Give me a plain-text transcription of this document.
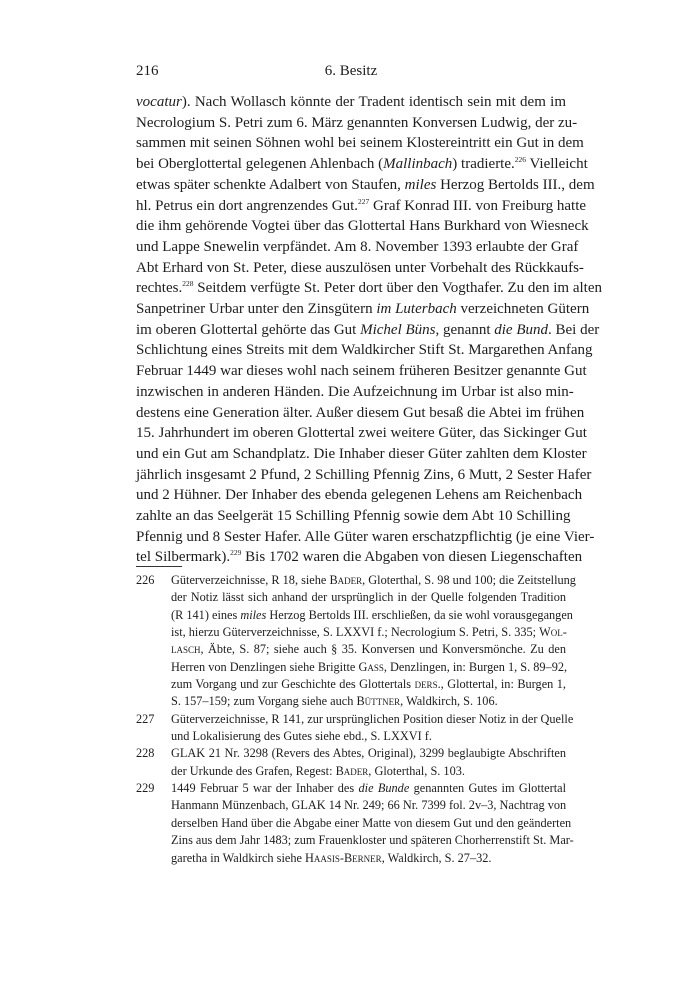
216	6. Besitz

vocatur). Nach Wollasch könnte der Tradent identisch sein mit dem im
Necrologium S. Petri zum 6. März genannten Konversen Ludwig, der zu-
sammen mit seinen Söhnen wohl bei seinem Klostereintritt ein Gut in dem
bei Oberglottertal gelegenen Ahlenbach (Mallinbach) tradierte.$^{226}$ Vielleicht
etwas später schenkte Adalbert von Staufen, miles Herzog Bertolds III., dem
hl. Petrus ein dort angrenzendes Gut.$^{227}$ Graf Konrad III. von Freiburg hatte
die ihm gehörende Vogtei über das Glottertal Hans Burkhard von Wiesneck
und Lappe Snewelin verpfändet. Am 8. November 1393 erlaubte der Graf
Abt Erhard von St. Peter, diese auszulösen unter Vorbehalt des Rückkaufs-
rechtes.$^{228}$ Seitdem verfügte St. Peter dort über den Vogthafer. Zu den im alten
Sanpetriner Urbar unter den Zinsgütern im Luterbach verzeichneten Gütern
im oberen Glottertal gehörte das Gut Michel Büns, genannt die Bund. Bei der
Schlichtung eines Streits mit dem Waldkircher Stift St. Margarethen Anfang
Februar 1449 war dieses wohl nach seinem früheren Besitzer genannte Gut
inzwischen in anderen Händen. Die Aufzeichnung im Urbar ist also min-
destens eine Generation älter. Außer diesem Gut besaß die Abtei im frühen
15. Jahrhundert im oberen Glottertal zwei weitere Güter, das Sickinger Gut
und ein Gut am Schandplatz. Die Inhaber dieser Güter zahlten dem Kloster
jährlich insgesamt 2 Pfund, 2 Schilling Pfennig Zins, 6 Mutt, 2 Sester Hafer
und 2 Hühner. Der Inhaber des ebenda gelegenen Lehens am Reichenbach
zahlte an das Seelgerät 15 Schilling Pfennig sowie dem Abt 10 Schilling
Pfennig und 8 Sester Hafer. Alle Güter waren erschatzpflichtig (je eine Vier-
tel Silbermark).$^{229}$ Bis 1702 waren die Abgaben von diesen Liegenschaften

226 Güterverzeichnisse, R 18, siehe Bader, Gloterthal, S. 98 und 100; die Zeitstellung
der Notiz lässt sich anhand der ursprünglich in der Quelle folgenden Tradition
(R 141) eines miles Herzog Bertolds III. erschließen, da sie wohl vorausgegangen
ist, hierzu Güterverzeichnisse, S. LXXVI f.; Necrologium S. Petri, S. 335; Wol-
lasch, Äbte, S. 87; siehe auch § 35. Konversen und Konversmönche. Zu den
Herren von Denzlingen siehe Brigitte Gass, Denzlingen, in: Burgen 1, S. 89–92,
zum Vorgang und zur Geschichte des Glottertals ders., Glottertal, in: Burgen 1,
S. 157–159; zum Vorgang siehe auch Büttner, Waldkirch, S. 106.
227 Güterverzeichnisse, R 141, zur ursprünglichen Position dieser Notiz in der Quelle
und Lokalisierung des Gutes siehe ebd., S. LXXVI f.
228 GLAK 21 Nr. 3298 (Revers des Abtes, Original), 3299 beglaubigte Abschriften
der Urkunde des Grafen, Regest: Bader, Gloterthal, S. 103.
229 1449 Februar 5 war der Inhaber des die Bunde genannten Gutes im Glottertal
Hanmann Münzenbach, GLAK 14 Nr. 249; 66 Nr. 7399 fol. 2v–3, Nachtrag von
derselben Hand über die Abgabe einer Matte von diesem Gut und den geänderten
Zins aus dem Jahr 1483; zum Frauenkloster und späteren Chorherrenstift St. Mar-
garetha in Waldkirch siehe Haasis-Berner, Waldkirch, S. 27–32.
